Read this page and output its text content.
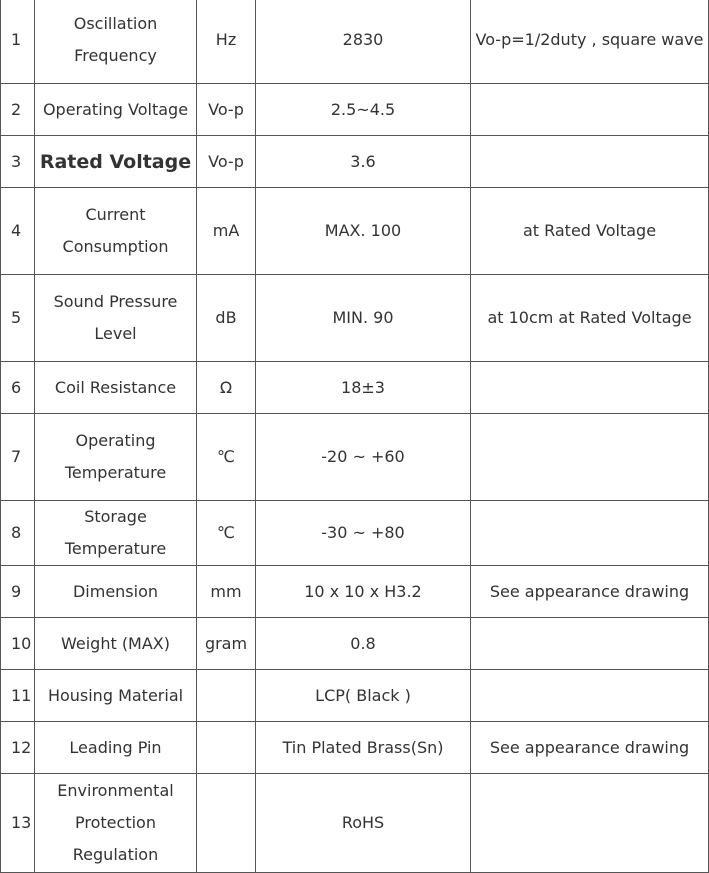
1	Oscillation Frequency	Hz	2830	Vo-p=1/2duty , square wave
2	Operating Voltage	Vo-p	2.5~4.5	
3	Rated Voltage	Vo-p	3.6	
4	Current Consumption	mA	MAX. 100	at Rated Voltage
5	Sound Pressure Level	dB	MIN. 90	at 10cm at Rated Voltage
6	Coil Resistance	Ω	18±3	
7	Operating Temperature	℃	-20 ~ +60	
8	Storage Temperature	℃	-30 ~ +80	
9	Dimension	mm	10 x 10 x H3.2	See appearance drawing
10	Weight (MAX)	gram	0.8	
11	Housing Material		LCP( Black )	
12	Leading Pin		Tin Plated Brass(Sn)	See appearance drawing
13	Environmental Protection Regulation		RoHS	
